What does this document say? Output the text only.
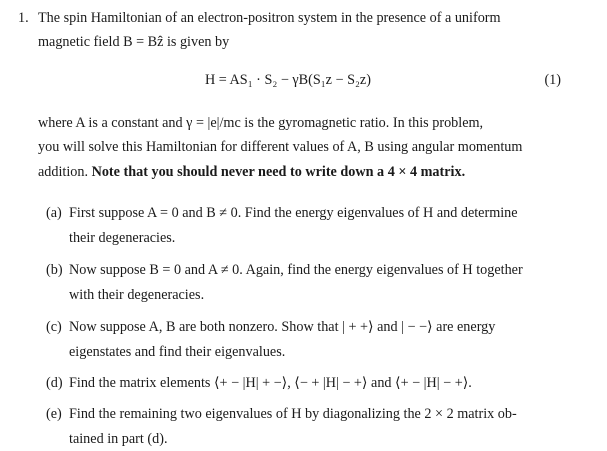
1. The spin Hamiltonian of an electron-positron system in the presence of a uniform
magnetic field B = Bẑ is given by
H = AS₁ · S₂ − γB(S₁z − S₂z)	(1)
where A is a constant and γ = |e|/mc is the gyromagnetic ratio. In this problem,
you will solve this Hamiltonian for different values of A, B using angular momentum
addition. Note that you should never need to write down a 4 × 4 matrix.
(a) First suppose A = 0 and B ≠ 0. Find the energy eigenvalues of H and determine
their degeneracies.
(b) Now suppose B = 0 and A ≠ 0. Again, find the energy eigenvalues of H together
with their degeneracies.
(c) Now suppose A, B are both nonzero. Show that | + +⟩ and | − −⟩ are energy
eigenstates and find their eigenvalues.
(d) Find the matrix elements ⟨+ − |H| + −⟩, ⟨− + |H| − +⟩ and ⟨+ − |H| − +⟩.
(e) Find the remaining two eigenvalues of H by diagonalizing the 2 × 2 matrix ob-
tained in part (d).
